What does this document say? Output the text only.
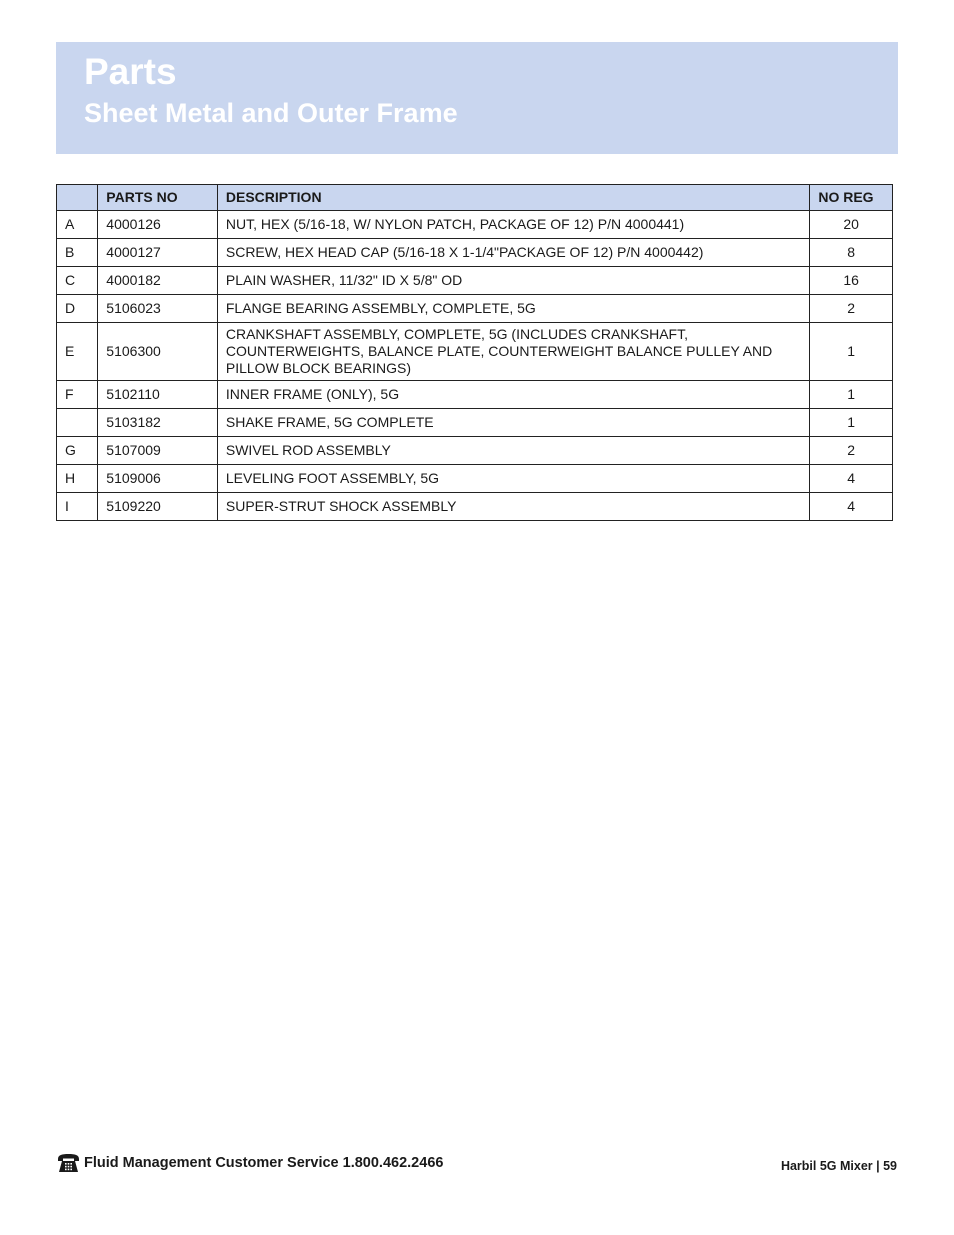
Parts
Sheet Metal and Outer Frame
	PARTS NO	DESCRIPTION	NO REG
A	4000126	NUT, HEX (5/16-18, W/ NYLON PATCH, PACKAGE OF 12) P/N 4000441)	20
B	4000127	SCREW, HEX HEAD CAP (5/16-18 X 1-1/4"PACKAGE OF 12) P/N 4000442)	8
C	4000182	PLAIN WASHER, 11/32" ID X 5/8" OD	16
D	5106023	FLANGE BEARING ASSEMBLY, COMPLETE, 5G	2
E	5106300	CRANKSHAFT ASSEMBLY, COMPLETE, 5G (INCLUDES CRANKSHAFT, COUNTERWEIGHTS, BALANCE PLATE, COUNTERWEIGHT BALANCE PULLEY AND PILLOW BLOCK BEARINGS)	1
F	5102110	INNER FRAME (ONLY), 5G	1
	5103182	SHAKE FRAME, 5G COMPLETE	1
G	5107009	SWIVEL ROD ASSEMBLY	2
H	5109006	LEVELING FOOT ASSEMBLY, 5G	4
I	5109220	SUPER-STRUT SHOCK ASSEMBLY	4
Fluid Management Customer Service 1.800.462.2466	Harbil 5G Mixer | 59
